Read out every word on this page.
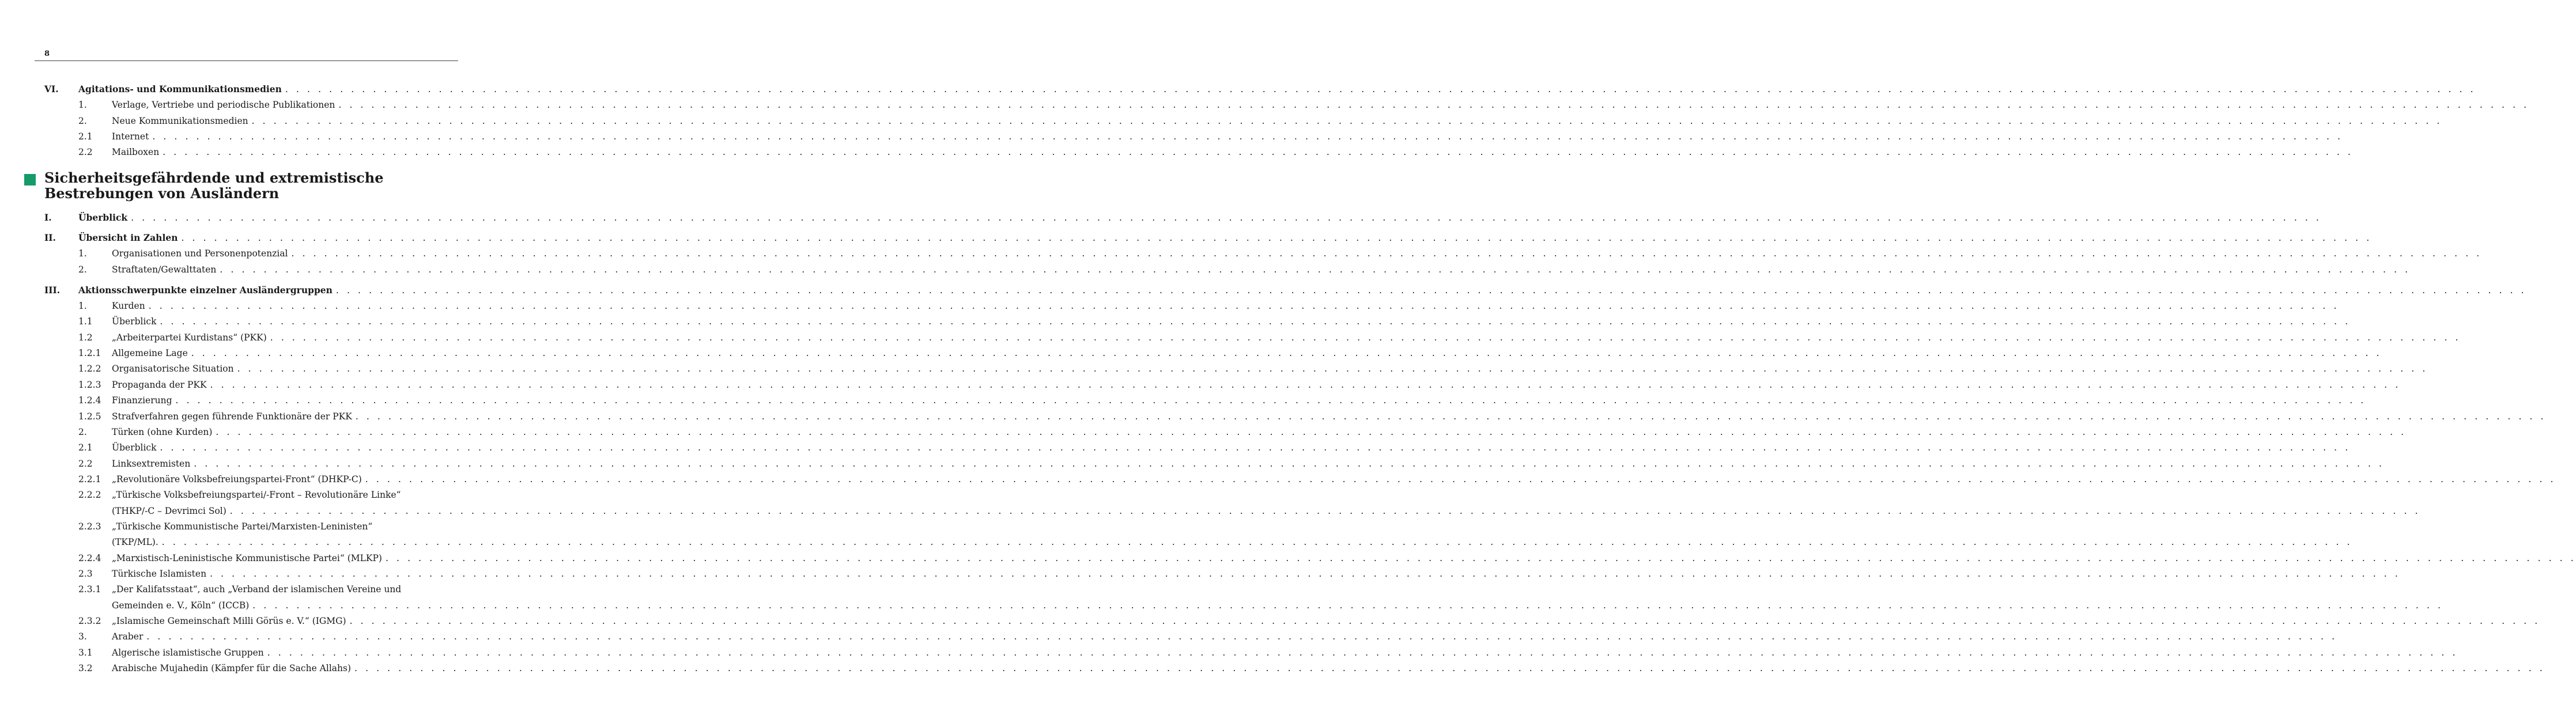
8
Sicherheitsgefährdende und extremistische
Bestrebungen von Ausländern
VI. Agitations- und Kommunikationsmedien . . . . . . . . . . . . . . . . . . . . . . . . . . . . . . . . . . . . . . . . . . . . . . . . . . . . . . . . . . . . . . . . . . . . . . . . . . . . . . . . . . . . . . . . . . . . . . . . . . . . . . . . . . . . . . . . . . . . . . . . . . . . . . . . . . . . . . . . . . . . . . . . . . . . . . . . . . . . . . . . . . . . . . . . . . . . . . . . . . . . . . . . . . . . . . . . . . . . . . . .
1.	Verlage, Vertriebe und periodische Publikationen . . . . . . . . . . . . . . . . . . . . . . . . . . . . . . . . . . . . . . . . . . . . . . . . . . . . . . . . . . . . . . . . . . . . . . . . . . . . . . . . . . . . . . . . . . . . . . . . . . . . . . . . . . . . . . . . . . . . . . . . . . . . . . . . . . . . . . . . . . . . . . . . . . . . . . . . . . . . . . . . . . . . . . . . . . . . . . . . . . . . . . . . . . . . . . . . . . . . . . . .
2.	Neue Kommunikationsmedien . . . . . . . . . . . . . . . . . . . . . . . . . . . . . . . . . . . . . . . . . . . . . . . . . . . . . . . . . . . . . . . . . . . . . . . . . . . . . . . . . . . . . . . . . . . . . . . . . . . . . . . . . . . . . . . . . . . . . . . . . . . . . . . . . . . . . . . . . . . . . . . . . . . . . . . . . . . . . . . . . . . . . . . . . . . . . . . . . . . . . . . . . . . . . . . . . . . . . . . .
2.1 Internet . . . . . . . . . . . . . . . . . . . . . . . . . . . . . . . . . . . . . . . . . . . . . . . . . . . . . . . . . . . . . . . . . . . . . . . . . . . . . . . . . . . . . . . . . . . . . . . . . . . . . . . . . . . . . . . . . . . . . . . . . . . . . . . . . . . . . . . . . . . . . . . . . . . . . . . . . . . . . . . . . . . . . . . . . . . . . . . . . . . . . . . . . . . . . . . . . . . . . . . .
2.2 Mailboxen . . . . . . . . . . . . . . . . . . . . . . . . . . . . . . . . . . . . . . . . . . . . . . . . . . . . . . . . . . . . . . . . . . . . . . . . . . . . . . . . . . . . . . . . . . . . . . . . . . . . . . . . . . . . . . . . . . . . . . . . . . . . . . . . . . . . . . . . . . . . . . . . . . . . . . . . . . . . . . . . . . . . . . . . . . . . . . . . . . . . . . . . . . . . . . . . . . . . . . . .
I.	Überblick . . . . . . . . . . . . . . . . . . . . . . . . . . . . . . . . . . . . . . . . . . . . . . . . . . . . . . . . . . . . . . . . . . . . . . . . . . . . . . . . . . . . . . . . . . . . . . . . . . . . . . . . . . . . . . . . . . . . . . . . . . . . . . . . . . . . . . . . . . . . . . . . . . . . . . . . . . . . . . . . . . . . . . . . . . . . . . . . . . . . . . . . . . . . . . . . . . . . . . . .
II.	Übersicht in Zahlen . . . . . . . . . . . . . . . . . . . . . . . . . . . . . . . . . . . . . . . . . . . . . . . . . . . . . . . . . . . . . . . . . . . . . . . . . . . . . . . . . . . . . . . . . . . . . . . . . . . . . . . . . . . . . . . . . . . . . . . . . . . . . . . . . . . . . . . . . . . . . . . . . . . . . . . . . . . . . . . . . . . . . . . . . . . . . . . . . . . . . . . . . . . . . . . . . . . . . . . .
1.	Organisationen und Personenpotenzial . . . . . . . . . . . . . . . . . . . . . . . . . . . . . . . . . . . . . . . . . . . . . . . . . . . . . . . . . . . . . . . . . . . . . . . . . . . . . . . . . . . . . . . . . . . . . . . . . . . . . . . . . . . . . . . . . . . . . . . . . . . . . . . . . . . . . . . . . . . . . . . . . . . . . . . . . . . . . . . . . . . . . . . . . . . . . . . . . . . . . . . . . . . . . . . . . . . . . . . .
2.	Straftaten/Gewalttaten . . . . . . . . . . . . . . . . . . . . . . . . . . . . . . . . . . . . . . . . . . . . . . . . . . . . . . . . . . . . . . . . . . . . . . . . . . . . . . . . . . . . . . . . . . . . . . . . . . . . . . . . . . . . . . . . . . . . . . . . . . . . . . . . . . . . . . . . . . . . . . . . . . . . . . . . . . . . . . . . . . . . . . . . . . . . . . . . . . . . . . . . . . . . . . . . . . . . . . . .
III. Aktionsschwerpunkte einzelner Ausländergruppen . . . . . . . . . . . . . . . . . . . . . . . . . . . . . . . . . . . . . . . . . . . . . . . . . . . . . . . . . . . . . . . . . . . . . . . . . . . . . . . . . . . . . . . . . . . . . . . . . . . . . . . . . . . . . . . . . . . . . . . . . . . . . . . . . . . . . . . . . . . . . . . . . . . . . . . . . . . . . . . . . . . . . . . . . . . . . . . . . . . . . . . . . . . . . . . . . . . . . . . .
1.	Kurden . . . . . . . . . . . . . . . . . . . . . . . . . . . . . . . . . . . . . . . . . . . . . . . . . . . . . . . . . . . . . . . . . . . . . . . . . . . . . . . . . . . . . . . . . . . . . . . . . . . . . . . . . . . . . . . . . . . . . . . . . . . . . . . . . . . . . . . . . . . . . . . . . . . . . . . . . . . . . . . . . . . . . . . . . . . . . . . . . . . . . . . . . . . . . . . . . . . . . . . .
1.1 Überblick . . . . . . . . . . . . . . . . . . . . . . . . . . . . . . . . . . . . . . . . . . . . . . . . . . . . . . . . . . . . . . . . . . . . . . . . . . . . . . . . . . . . . . . . . . . . . . . . . . . . . . . . . . . . . . . . . . . . . . . . . . . . . . . . . . . . . . . . . . . . . . . . . . . . . . . . . . . . . . . . . . . . . . . . . . . . . . . . . . . . . . . . . . . . . . . . . . . . . . . .
1.2 „Arbeiterpartei Kurdistans“ (PKK) . . . . . . . . . . . . . . . . . . . . . . . . . . . . . . . . . . . . . . . . . . . . . . . . . . . . . . . . . . . . . . . . . . . . . . . . . . . . . . . . . . . . . . . . . . . . . . . . . . . . . . . . . . . . . . . . . . . . . . . . . . . . . . . . . . . . . . . . . . . . . . . . . . . . . . . . . . . . . . . . . . . . . . . . . . . . . . . . . . . . . . . . . . . . . . . . . . . . . . . .
1.2.1 Allgemeine Lage . . . . . . . . . . . . . . . . . . . . . . . . . . . . . . . . . . . . . . . . . . . . . . . . . . . . . . . . . . . . . . . . . . . . . . . . . . . . . . . . . . . . . . . . . . . . . . . . . . . . . . . . . . . . . . . . . . . . . . . . . . . . . . . . . . . . . . . . . . . . . . . . . . . . . . . . . . . . . . . . . . . . . . . . . . . . . . . . . . . . . . . . . . . . . . . . . . . . . . . .
1.2.2 Organisatorische Situation . . . . . . . . . . . . . . . . . . . . . . . . . . . . . . . . . . . . . . . . . . . . . . . . . . . . . . . . . . . . . . . . . . . . . . . . . . . . . . . . . . . . . . . . . . . . . . . . . . . . . . . . . . . . . . . . . . . . . . . . . . . . . . . . . . . . . . . . . . . . . . . . . . . . . . . . . . . . . . . . . . . . . . . . . . . . . . . . . . . . . . . . . . . . . . . . . . . . . . . .
1.2.3 Propaganda der PKK . . . . . . . . . . . . . . . . . . . . . . . . . . . . . . . . . . . . . . . . . . . . . . . . . . . . . . . . . . . . . . . . . . . . . . . . . . . . . . . . . . . . . . . . . . . . . . . . . . . . . . . . . . . . . . . . . . . . . . . . . . . . . . . . . . . . . . . . . . . . . . . . . . . . . . . . . . . . . . . . . . . . . . . . . . . . . . . . . . . . . . . . . . . . . . . . . . . . . . . .
1.2.4 Finanzierung . . . . . . . . . . . . . . . . . . . . . . . . . . . . . . . . . . . . . . . . . . . . . . . . . . . . . . . . . . . . . . . . . . . . . . . . . . . . . . . . . . . . . . . . . . . . . . . . . . . . . . . . . . . . . . . . . . . . . . . . . . . . . . . . . . . . . . . . . . . . . . . . . . . . . . . . . . . . . . . . . . . . . . . . . . . . . . . . . . . . . . . . . . . . . . . . . . . . . . . .
1.2.5 Strafverfahren gegen führende Funktionäre der PKK . . . . . . . . . . . . . . . . . . . . . . . . . . . . . . . . . . . . . . . . . . . . . . . . . . . . . . . . . . . . . . . . . . . . . . . . . . . . . . . . . . . . . . . . . . . . . . . . . . . . . . . . . . . . . . . . . . . . . . . . . . . . . . . . . . . . . . . . . . . . . . . . . . . . . . . . . . . . . . . . . . . . . . . . . . . . . . . . . . . . . . . . . . . . . . . . . . . . . . . .
2.	Türken (ohne Kurden) . . . . . . . . . . . . . . . . . . . . . . . . . . . . . . . . . . . . . . . . . . . . . . . . . . . . . . . . . . . . . . . . . . . . . . . . . . . . . . . . . . . . . . . . . . . . . . . . . . . . . . . . . . . . . . . . . . . . . . . . . . . . . . . . . . . . . . . . . . . . . . . . . . . . . . . . . . . . . . . . . . . . . . . . . . . . . . . . . . . . . . . . . . . . . . . . . . . . . . . .
2.1 Überblick . . . . . . . . . . . . . . . . . . . . . . . . . . . . . . . . . . . . . . . . . . . . . . . . . . . . . . . . . . . . . . . . . . . . . . . . . . . . . . . . . . . . . . . . . . . . . . . . . . . . . . . . . . . . . . . . . . . . . . . . . . . . . . . . . . . . . . . . . . . . . . . . . . . . . . . . . . . . . . . . . . . . . . . . . . . . . . . . . . . . . . . . . . . . . . . . . . . . . . . .
2.2 Linksextremisten . . . . . . . . . . . . . . . . . . . . . . . . . . . . . . . . . . . . . . . . . . . . . . . . . . . . . . . . . . . . . . . . . . . . . . . . . . . . . . . . . . . . . . . . . . . . . . . . . . . . . . . . . . . . . . . . . . . . . . . . . . . . . . . . . . . . . . . . . . . . . . . . . . . . . . . . . . . . . . . . . . . . . . . . . . . . . . . . . . . . . . . . . . . . . . . . . . . . . . . .
2.2.1 „Revolutionäre Volksbefreiungspartei-Front“ (DHKP-C) . . . . . . . . . . . . . . . . . . . . . . . . . . . . . . . . . . . . . . . . . . . . . . . . . . . . . . . . . . . . . . . . . . . . . . . . . . . . . . . . . . . . . . . . . . . . . . . . . . . . . . . . . . . . . . . . . . . . . . . . . . . . . . . . . . . . . . . . . . . . . . . . . . . . . . . . . . . . . . . . . . . . . . . . . . . . . . . . . . . . . . . . . . . . . . . . . . . . . . . .
2.2.2 „Türkische Volksbefreiungspartei/-Front – Revolutionäre Linke“
(THKP/-C – Devrimci Sol) . . . . . . . . . . . . . . . . . . . . . . . . . . . . . . . . . . . . . . . . . . . . . . . . . . . . . . . . . . . . . . . . . . . . . . . . . . . . . . . . . . . . . . . . . . . . . . . . . . . . . . . . . . . . . . . . . . . . . . . . . . . . . . . . . . . . . . . . . . . . . . . . . . . . . . . . . . . . . . . . . . . . . . . . . . . . . . . . . . . . . . . . . . . . . . . . . . . . . . . .
2.2.3 „Türkische Kommunistische Partei/Marxisten-Leninisten“
(TKP/ML). . . . . . . . . . . . . . . . . . . . . . . . . . . . . . . . . . . . . . . . . . . . . . . . . . . . . . . . . . . . . . . . . . . . . . . . . . . . . . . . . . . . . . . . . . . . . . . . . . . . . . . . . . . . . . . . . . . . . . . . . . . . . . . . . . . . . . . . . . . . . . . . . . . . . . . . . . . . . . . . . . . . . . . . . . . . . . . . . . . . . . . . . . . . . . . . . . . . . . . . .
2.2.4 „Marxistisch-Leninistische Kommunistische Partei“ (MLKP) . . . . . . . . . . . . . . . . . . . . . . . . . . . . . . . . . . . . . . . . . . . . . . . . . . . . . . . . . . . . . . . . . . . . . . . . . . . . . . . . . . . . . . . . . . . . . . . . . . . . . . . . . . . . . . . . . . . . . . . . . . . . . . . . . . . . . . . . . . . . . . . . . . . . . . . . . . . . . . . . . . . . . . . . . . . . . . . . . . . . . . . . . . . . . . . . . . . . . . . .
2.3 Türkische Islamisten . . . . . . . . . . . . . . . . . . . . . . . . . . . . . . . . . . . . . . . . . . . . . . . . . . . . . . . . . . . . . . . . . . . . . . . . . . . . . . . . . . . . . . . . . . . . . . . . . . . . . . . . . . . . . . . . . . . . . . . . . . . . . . . . . . . . . . . . . . . . . . . . . . . . . . . . . . . . . . . . . . . . . . . . . . . . . . . . . . . . . . . . . . . . . . . . . . . . . . . .
2.3.1 „Der Kalifatsstaat“, auch „Verband der islamischen Vereine und
Gemeinden e. V., Köln“ (ICCB) . . . . . . . . . . . . . . . . . . . . . . . . . . . . . . . . . . . . . . . . . . . . . . . . . . . . . . . . . . . . . . . . . . . . . . . . . . . . . . . . . . . . . . . . . . . . . . . . . . . . . . . . . . . . . . . . . . . . . . . . . . . . . . . . . . . . . . . . . . . . . . . . . . . . . . . . . . . . . . . . . . . . . . . . . . . . . . . . . . . . . . . . . . . . . . . . . . . . . . . .
2.3.2 „Islamische Gemeinschaft Milli Görüs e. V.“ (IGMG) . . . . . . . . . . . . . . . . . . . . . . . . . . . . . . . . . . . . . . . . . . . . . . . . . . . . . . . . . . . . . . . . . . . . . . . . . . . . . . . . . . . . . . . . . . . . . . . . . . . . . . . . . . . . . . . . . . . . . . . . . . . . . . . . . . . . . . . . . . . . . . . . . . . . . . . . . . . . . . . . . . . . . . . . . . . . . . . . . . . . . . . . . . . . . . . . . . . . . . . .
3.	Araber . . . . . . . . . . . . . . . . . . . . . . . . . . . . . . . . . . . . . . . . . . . . . . . . . . . . . . . . . . . . . . . . . . . . . . . . . . . . . . . . . . . . . . . . . . . . . . . . . . . . . . . . . . . . . . . . . . . . . . . . . . . . . . . . . . . . . . . . . . . . . . . . . . . . . . . . . . . . . . . . . . . . . . . . . . . . . . . . . . . . . . . . . . . . . . . . . . . . . . . .
3.1 Algerische islamistische Gruppen . . . . . . . . . . . . . . . . . . . . . . . . . . . . . . . . . . . . . . . . . . . . . . . . . . . . . . . . . . . . . . . . . . . . . . . . . . . . . . . . . . . . . . . . . . . . . . . . . . . . . . . . . . . . . . . . . . . . . . . . . . . . . . . . . . . . . . . . . . . . . . . . . . . . . . . . . . . . . . . . . . . . . . . . . . . . . . . . . . . . . . . . . . . . . . . . . . . . . . . .
3.2 Arabische Mujahedin (Kämpfer für die Sache Allahs) . . . . . . . . . . . . . . . . . . . . . . . . . . . . . . . . . . . . . . . . . . . . . . . . . . . . . . . . . . . . . . . . . . . . . . . . . . . . . . . . . . . . . . . . . . . . . . . . . . . . . . . . . . . . . . . . . . . . . . . . . . . . . . . . . . . . . . . . . . . . . . . . . . . . . . . . . . . . . . . . . . . . . . . . . . . . . . . . . . . . . . . . . . . . . . . . . . . . . . . .
